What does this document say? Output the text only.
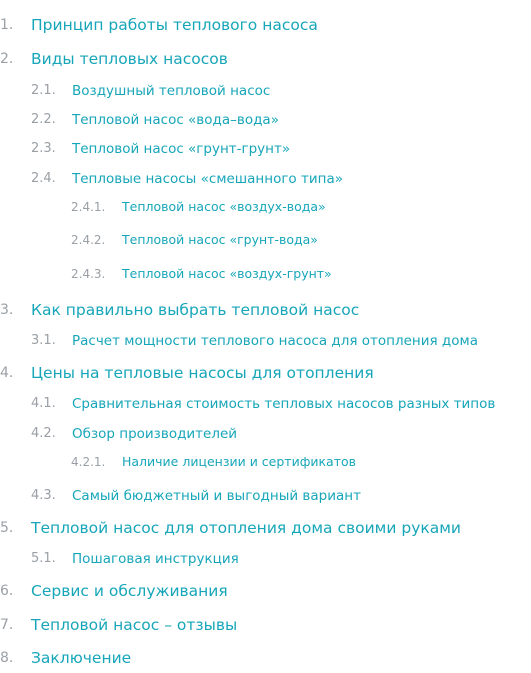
1. Принцип работы теплового насоса
2. Виды тепловых насосов
2.1. Воздушный тепловой насос
2.2. Тепловой насос «вода–вода»
2.3. Тепловой насос «грунт-грунт»
2.4. Тепловые насосы «смешанного типа»
2.4.1. Тепловой насос «воздух-вода»
2.4.2. Тепловой насос «грунт-вода»
2.4.3. Тепловой насос «воздух-грунт»
3. Как правильно выбрать тепловой насос
3.1. Расчет мощности теплового насоса для отопления дома
4. Цены на тепловые насосы для отопления
4.1. Сравнительная стоимость тепловых насосов разных типов
4.2. Обзор производителей
4.2.1. Наличие лицензии и сертификатов
4.3. Самый бюджетный и выгодный вариант
5. Тепловой насос для отопления дома своими руками
5.1. Пошаговая инструкция
6. Сервис и обслуживания
7. Тепловой насос – отзывы
8. Заключение
